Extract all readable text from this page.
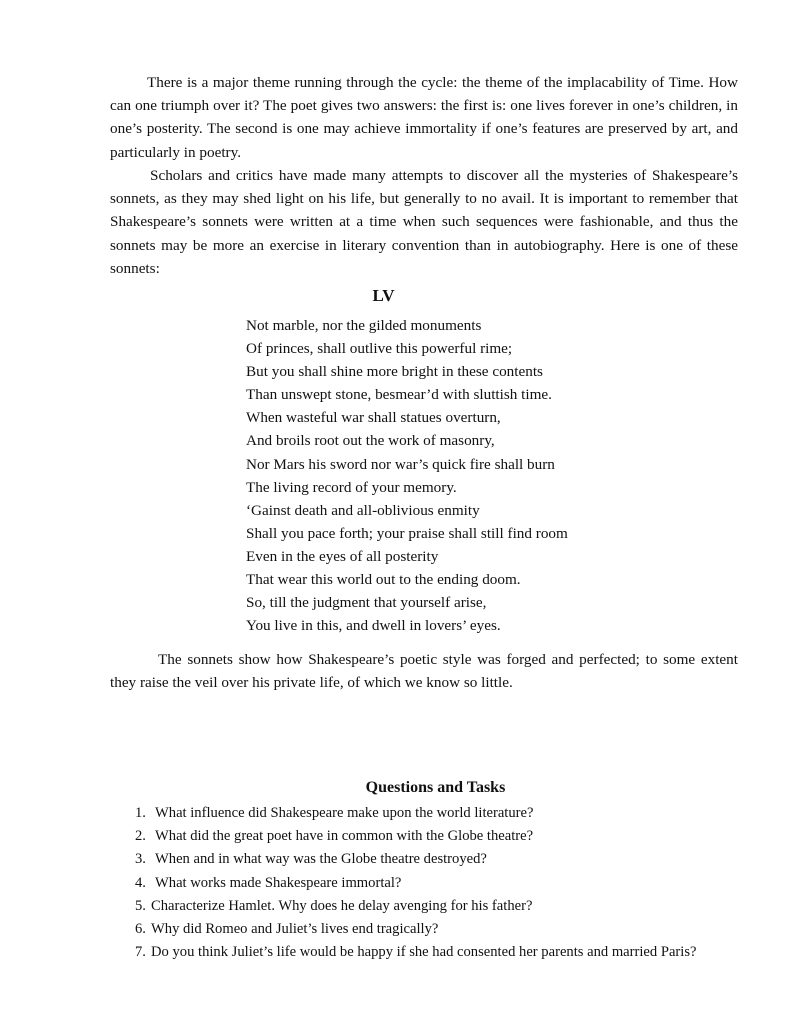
There is a major theme running through the cycle: the theme of the implacability of Time. How can one triumph over it? The poet gives two answers: the first is: one lives forever in one’s children, in one’s posterity. The second is one may achieve immortality if one’s features are preserved by art, and particularly in poetry.

Scholars and critics have made many attempts to discover all the mysteries of Shakespeare’s sonnets, as they may shed light on his life, but generally to no avail. It is important to remember that Shakespeare’s sonnets were written at a time when such sequences were fashionable, and thus the sonnets may be more an exercise in literary convention than in autobiography. Here is one of these sonnets:

LV
Not marble, nor the gilded monuments
Of princes, shall outlive this powerful rime;
But you shall shine more bright in these contents
Than unswept stone, besmear’d with sluttish time.
When wasteful war shall statues overturn,
And broils root out the work of masonry,
Nor Mars his sword nor war’s quick fire shall burn
The living record of your memory.
‘Gainst death and all-oblivious enmity
Shall you pace forth; your praise shall still find room
Even in the eyes of all posterity
That wear this world out to the ending doom.
So, till the judgment that yourself arise,
You live in this, and dwell in lovers’ eyes.

The sonnets show how Shakespeare’s poetic style was forged and perfected; to some extent they raise the veil over his private life, of which we know so little.

Questions and Tasks
1. What influence did Shakespeare make upon the world literature?
2. What did the great poet have in common with the Globe theatre?
3. When and in what way was the Globe theatre destroyed?
4. What works made Shakespeare immortal?
5. Characterize Hamlet. Why does he delay avenging for his father?
6. Why did Romeo and Juliet’s lives end tragically?
7. Do you think Juliet’s life would be happy if she had consented her parents and married Paris?
